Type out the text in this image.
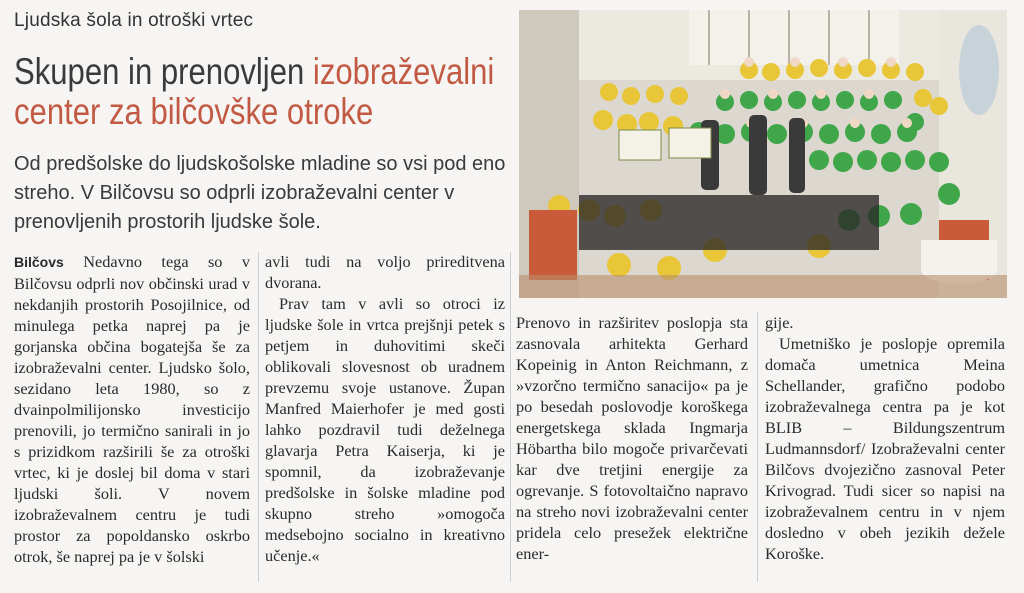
Ljudska šola in otroški vrtec
Skupen in prenovljen izobraževalni
center za bilčovške otroke
Od predšolske do ljudskošolske mladine so vsi pod eno streho. V Bilčovsu so odprli izobraževalni center v prenovljenih prostorih ljudske šole.

Bilčovs Nedavno tega so v Bilčovsu odprli nov občinski urad v nekdanjih prostorih Posojilnice, od minulega petka naprej pa je gorjanska občina bogatejša še za izobraževalni center. Ljudsko šolo, sezidano leta 1980, so z dvainpolmilijonsko investicijo prenovili, jo termično sanirali in jo s prizidkom razširili še za otroški vrtec, ki je doslej bil doma v stari ljudski šoli. V novem izobraževalnem centru je tudi prostor za popoldansko oskrbo otrok, še naprej pa je v šolski

avli tudi na voljo prireditvena dvorana.

Prav tam v avli so otroci iz ljudske šole in vrtca prejšnji petek s petjem in duhovitimi skeči oblikovali slovesnost ob uradnem prevzemu svoje ustanove. Župan Manfred Maierhofer je med gosti lahko pozdravil tudi deželnega glavarja Petra Kaiserja, ki je spomnil, da izobraževanje predšolske in šolske mladine pod skupno streho »omogoča medsebojno socialno in kreativno učenje.«

Prenovo in razširitev poslopja sta zasnovala arhitekta Gerhard Kopeinig in Anton Reichmann, z »vzorčno termično sanacijo« pa je po besedah poslovodje koroškega energetskega sklada Ingmarja Höbartha bilo mogoče privarčevati kar dve tretjini energije za ogrevanje. S fotovoltaično napravo na streho novi izobraževalni center pridela celo presežek električne ener-

gije.

Umetniško je poslopje opremila domača umetnica Meina Schellander, grafično podobo izobraževalnega centra pa je kot BLIB – Bildungszentrum Ludmannsdorf/ Izobraževalni center Bilčovs dvojezično zasnoval Peter Krivograd. Tudi sicer so napisi na izobraževalnem centru in v njem dosledno v obeh jezikih dežele Koroške.
